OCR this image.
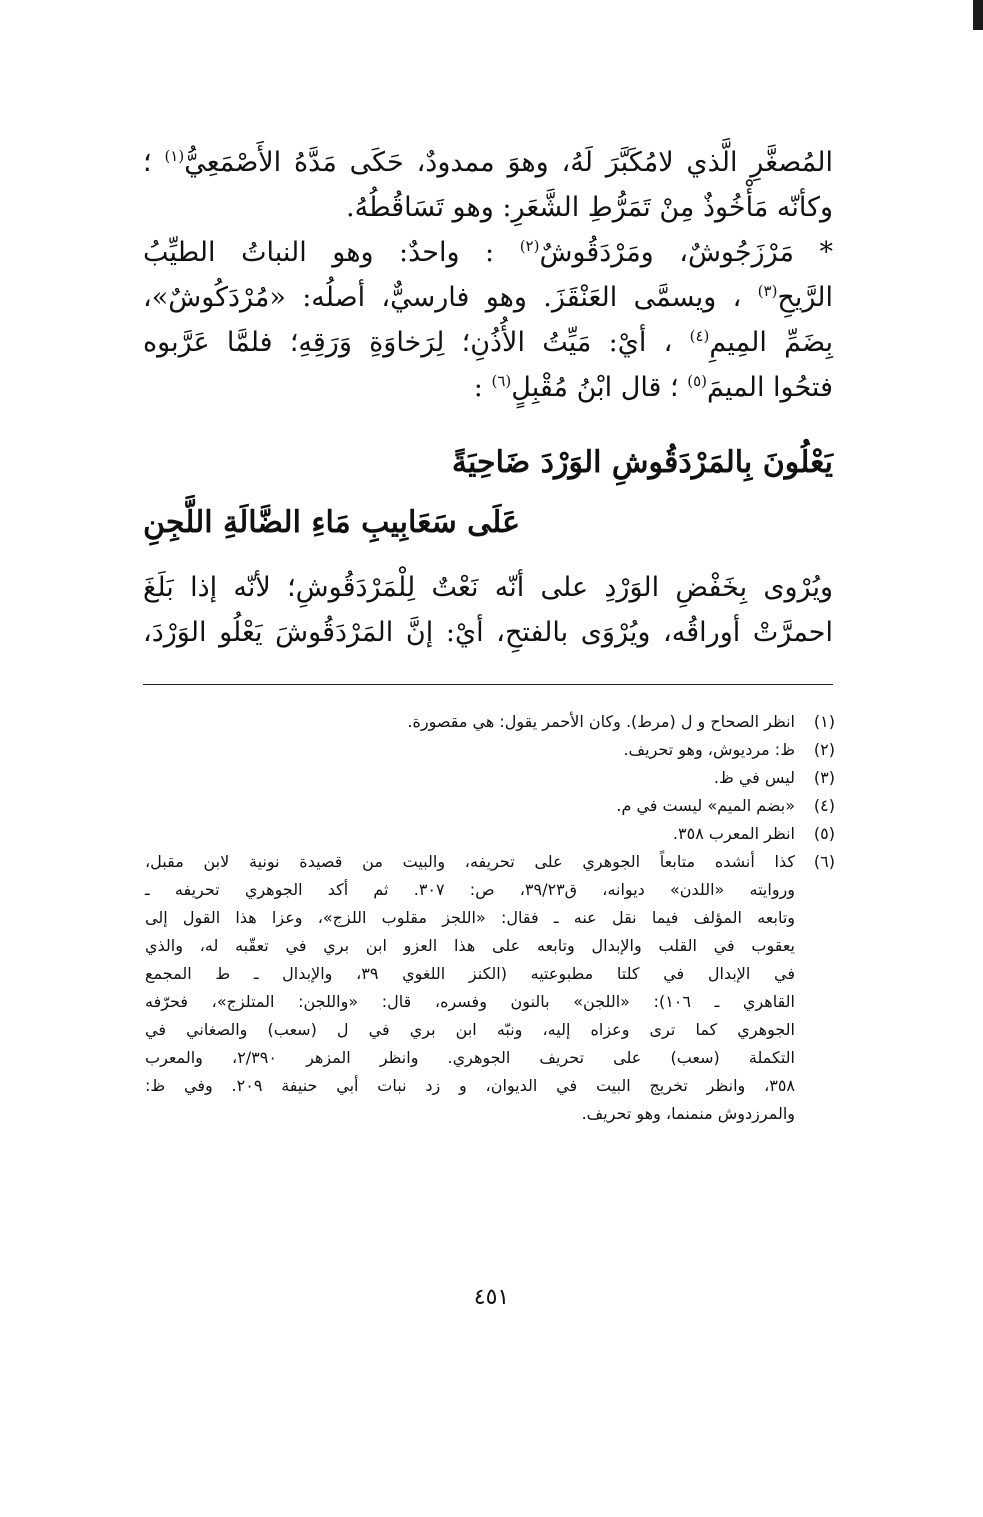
المُصغَّرِ الَّذي لامُكَبَّرَ لَهُ، وهوَ ممدودٌ، حَكَى مَدَّهُ الأَصْمَعِيُّ$^{(١)}$ ؛
وكأنّه مَأْخُوذٌ مِنْ تَمَرُّطِ الشَّعَرِ: وهو تَسَاقُطُهُ.
* مَرْزَجُوشٌ، ومَرْدَقُوشٌ$^{(٢)}$ : واحدٌ: وهو النباتُ الطيِّبُ
الرَّيحِ$^{(٣)}$ ، ويسمَّى العَنْقَزَ. وهو فارسيٌّ، أصلُه: «مُرْدَكُوشٌ»،
بِضَمِّ المِيمِ$^{(٤)}$ ، أيْ: مَيِّتُ الأُذُنِ؛ لِرَخاوَةِ وَرَقِهِ؛ فلمَّا عَرَّبوه
فتحُوا الميمَ$^{(٥)}$ ؛ قال ابْنُ مُقْبِلٍ$^{(٦)}$ :
يَعْلُونَ بِالمَرْدَقُوشِ الوَرْدَ ضَاحِيَةً
عَلَى سَعَابِيبِ مَاءِ الضَّالَةِ اللَّجِنِ
ويُرْوى بِخَفْضِ الوَرْدِ على أنّه نَعْتٌ لِلْمَرْدَقُوشِ؛ لأنّه إذا بَلَغَ
احمرَّتْ أوراقُه، ويُرْوَى بالفتحِ، أيْ: إنَّ المَرْدَقُوشَ يَعْلُو الوَرْدَ،
(١)
انظر الصحاح و ل (مرط). وكان الأحمر يقول: هي مقصورة.
(٢)
ظ: مرديوش، وهو تحريف.
(٣)
ليس في ظ.
(٤)
«بضم الميم» ليست في م.
(٥)
انظر المعرب ٣٥٨.
(٦)
كذا أنشده متابعاً الجوهري على تحريفه، والبيت من قصيدة نونية لابن مقبل،
وروايته «اللدن» ديوانه، ق٣٩/٢٣، ص: ٣٠٧. ثم أكد الجوهري تحريفه ـ
وتابعه المؤلف فيما نقل عنه ـ فقال: «اللجز مقلوب اللزج»، وعزا هذا القول إلى
يعقوب في القلب والإبدال وتابعه على هذا العزو ابن بري في تعقّبه له، والذي
في الإبدال في كلتا مطبوعتيه (الكنز اللغوي ٣٩، والإبدال ـ ط المجمع
القاهري ـ ١٠٦): «اللجن» بالنون وفسره، قال: «واللجن: المتلزج»، فحرّفه
الجوهري كما ترى وعزاه إليه، ونبّه ابن بري في ل (سعب) والصغاني في
التكملة (سعب) على تحريف الجوهري. وانظر المزهر ٢/٣٩٠، والمعرب
٣٥٨، وانظر تخريج البيت في الديوان، و زد نبات أبي حنيفة ٢٠٩. وفي ظ:
والمرزدوش منمنما، وهو تحريف.
٤٥١
